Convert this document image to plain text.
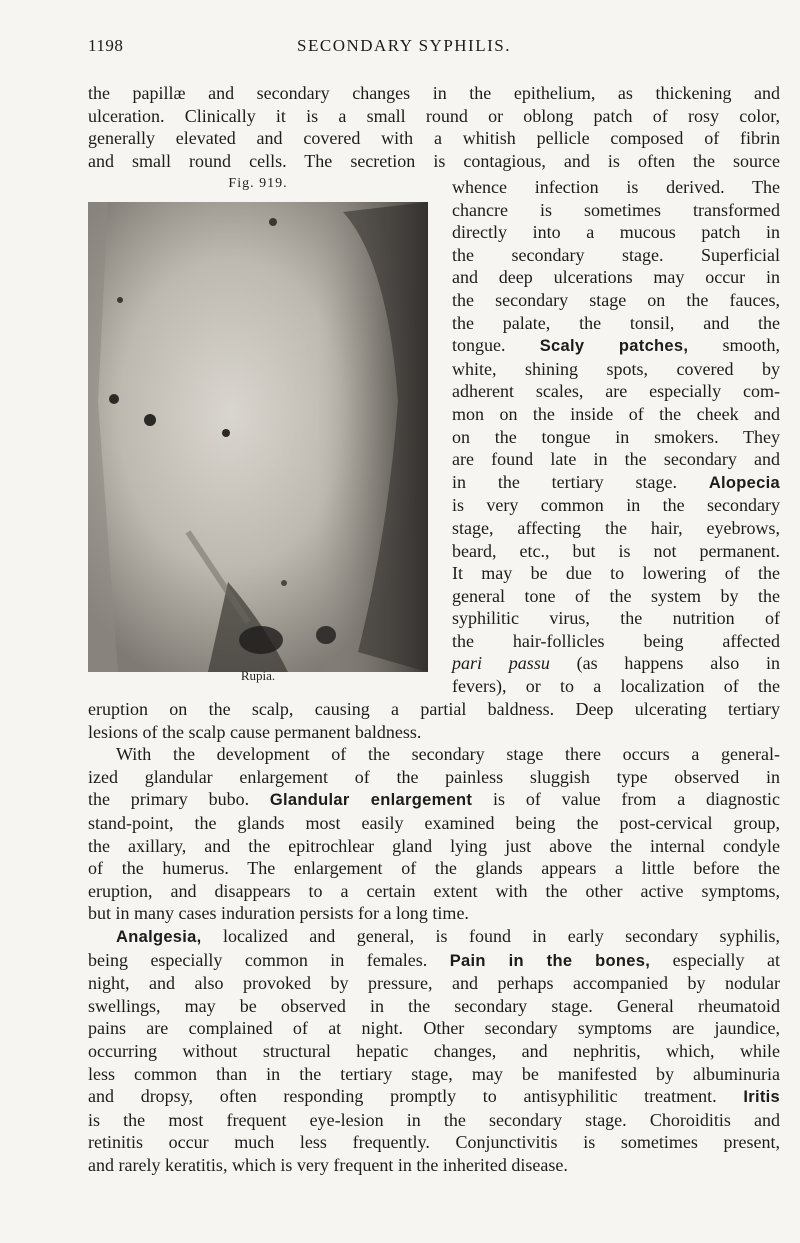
1198	SECONDARY SYPHILIS.
the papillæ and secondary changes in the epithelium, as thickening and
ulceration. Clinically it is a small round or oblong patch of rosy color,
generally elevated and covered with a whitish pellicle composed of fibrin
and small round cells. The secretion is contagious, and is often the source
Fig. 919.
Rupia.
whence infection is derived. The
chancre is sometimes transformed
directly into a mucous patch in
the secondary stage. Superficial
and deep ulcerations may occur in
the secondary stage on the fauces,
the palate, the tonsil, and the
tongue. Scaly patches, smooth,
white, shining spots, covered by
adherent scales, are especially com-
mon on the inside of the cheek and
on the tongue in smokers. They
are found late in the secondary and
in the tertiary stage. Alopecia
is very common in the secondary
stage, affecting the hair, eyebrows,
beard, etc., but is not permanent.
It may be due to lowering of the
general tone of the system by the
syphilitic virus, the nutrition of
the hair-follicles being affected
pari passu (as happens also in
fevers), or to a localization of the
eruption on the scalp, causing a partial baldness. Deep ulcerating tertiary
lesions of the scalp cause permanent baldness.
With the development of the secondary stage there occurs a general-
ized glandular enlargement of the painless sluggish type observed in
the primary bubo. Glandular enlargement is of value from a diagnostic
stand-point, the glands most easily examined being the post-cervical group,
the axillary, and the epitrochlear gland lying just above the internal condyle
of the humerus. The enlargement of the glands appears a little before the
eruption, and disappears to a certain extent with the other active symptoms,
but in many cases induration persists for a long time.
Analgesia, localized and general, is found in early secondary syphilis,
being especially common in females. Pain in the bones, especially at
night, and also provoked by pressure, and perhaps accompanied by nodular
swellings, may be observed in the secondary stage. General rheumatoid
pains are complained of at night. Other secondary symptoms are jaundice,
occurring without structural hepatic changes, and nephritis, which, while
less common than in the tertiary stage, may be manifested by albuminuria
and dropsy, often responding promptly to antisyphilitic treatment. Iritis
is the most frequent eye-lesion in the secondary stage. Choroiditis and
retinitis occur much less frequently. Conjunctivitis is sometimes present,
and rarely keratitis, which is very frequent in the inherited disease.
